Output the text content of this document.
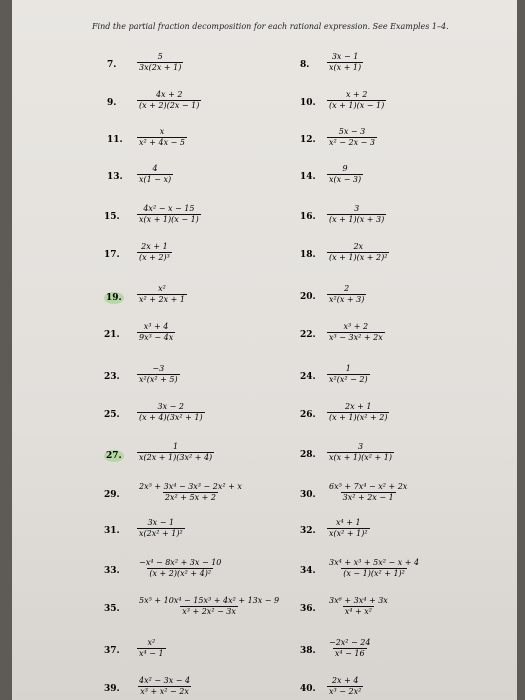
Find the partial fraction decomposition for each rational expression. See Examples 1–4.
7.	$\frac{5}{3x(2x + 1)}$	8. $\frac{3x - 1}{x(x + 1)}$
9.	$\frac{4x + 2}{(x + 2)(2x - 1)}$	10. $\frac{x + 2}{(x + 1)(x - 1)}$
11. $\frac{x}{\text{x² + 4x − 5}}$	12. $\frac{5x - 3}{\text{x² − 2x − 3}}$
13. $\frac{4}{x(1 - x)}$	14. $\frac{9}{x(x - 3)}$
15. $\frac{\text{4x² − x − 15}}{x(x + 1)(x - 1)}$	16. $\frac{3}{(x + 1)(x + 3)}$
17. $\frac{2x + 1}{\text{(x + 2)³}}$	18. $\frac{2x}{\text{(x + 1)(x + 2)²}}$
19. $\frac{\text{x²}}{\text{x² + 2x + 1}}$	20. $\frac{2}{\text{x²(x + 3)}}$
21. $\frac{\text{x³ + 4}}{\text{9x³ − 4x}}$	22. $\frac{\text{x³ + 2}}{\text{x³ − 3x² + 2x}}$
23. $\frac{-3}{\text{x²(x² + 5)}}$	24. $\frac{1}{\text{x²(x² − 2)}}$
25. $\frac{3x - 2}{\text{(x + 4)(3x² + 1)}}$	26. $\frac{2x + 1}{\text{(x + 1)(x² + 2)}}$
27. $\frac{1}{\text{x(2x + 1)(3x² + 4)}}$	28. $\frac{3}{\text{x(x + 1)(x² + 1)}}$
29. $\frac{\text{2x⁵ + 3x⁴ − 3x³ − 2x² + x}}{\text{2x² + 5x + 2}}$	30. $\frac{\text{6x⁵ + 7x⁴ − x² + 2x}}{\text{3x² + 2x − 1}}$
31. $\frac{3x - 1}{\text{x(2x² + 1)²}}$	32. $\frac{\text{x⁴ + 1}}{\text{x(x² + 1)²}}$
33. $\frac{\text{−x⁴ − 8x² + 3x − 10}}{\text{(x + 2)(x² + 4)²}}$	34. $\frac{\text{3x⁴ + x³ + 5x² − x + 4}}{\text{(x − 1)(x² + 1)²}}$
35. $\frac{\text{5x⁵ + 10x⁴ − 15x³ + 4x² + 13x − 9}}{\text{x³ + 2x² − 3x}} 36$. $\frac{\text{3x⁶ + 3x⁴ + 3x}}{\text{x⁴ + x²}}$
37. $\frac{\text{x²}}{\text{x⁴ − 1}}$	38. $\frac{\text{−2x² − 24}}{\text{x⁴ − 16}}$
39. $\frac{\text{4x² − 3x − 4}}{\text{x³ + x² − 2x}}$	40. $\frac{2x + 4}{\text{x³ − 2x²}}$
